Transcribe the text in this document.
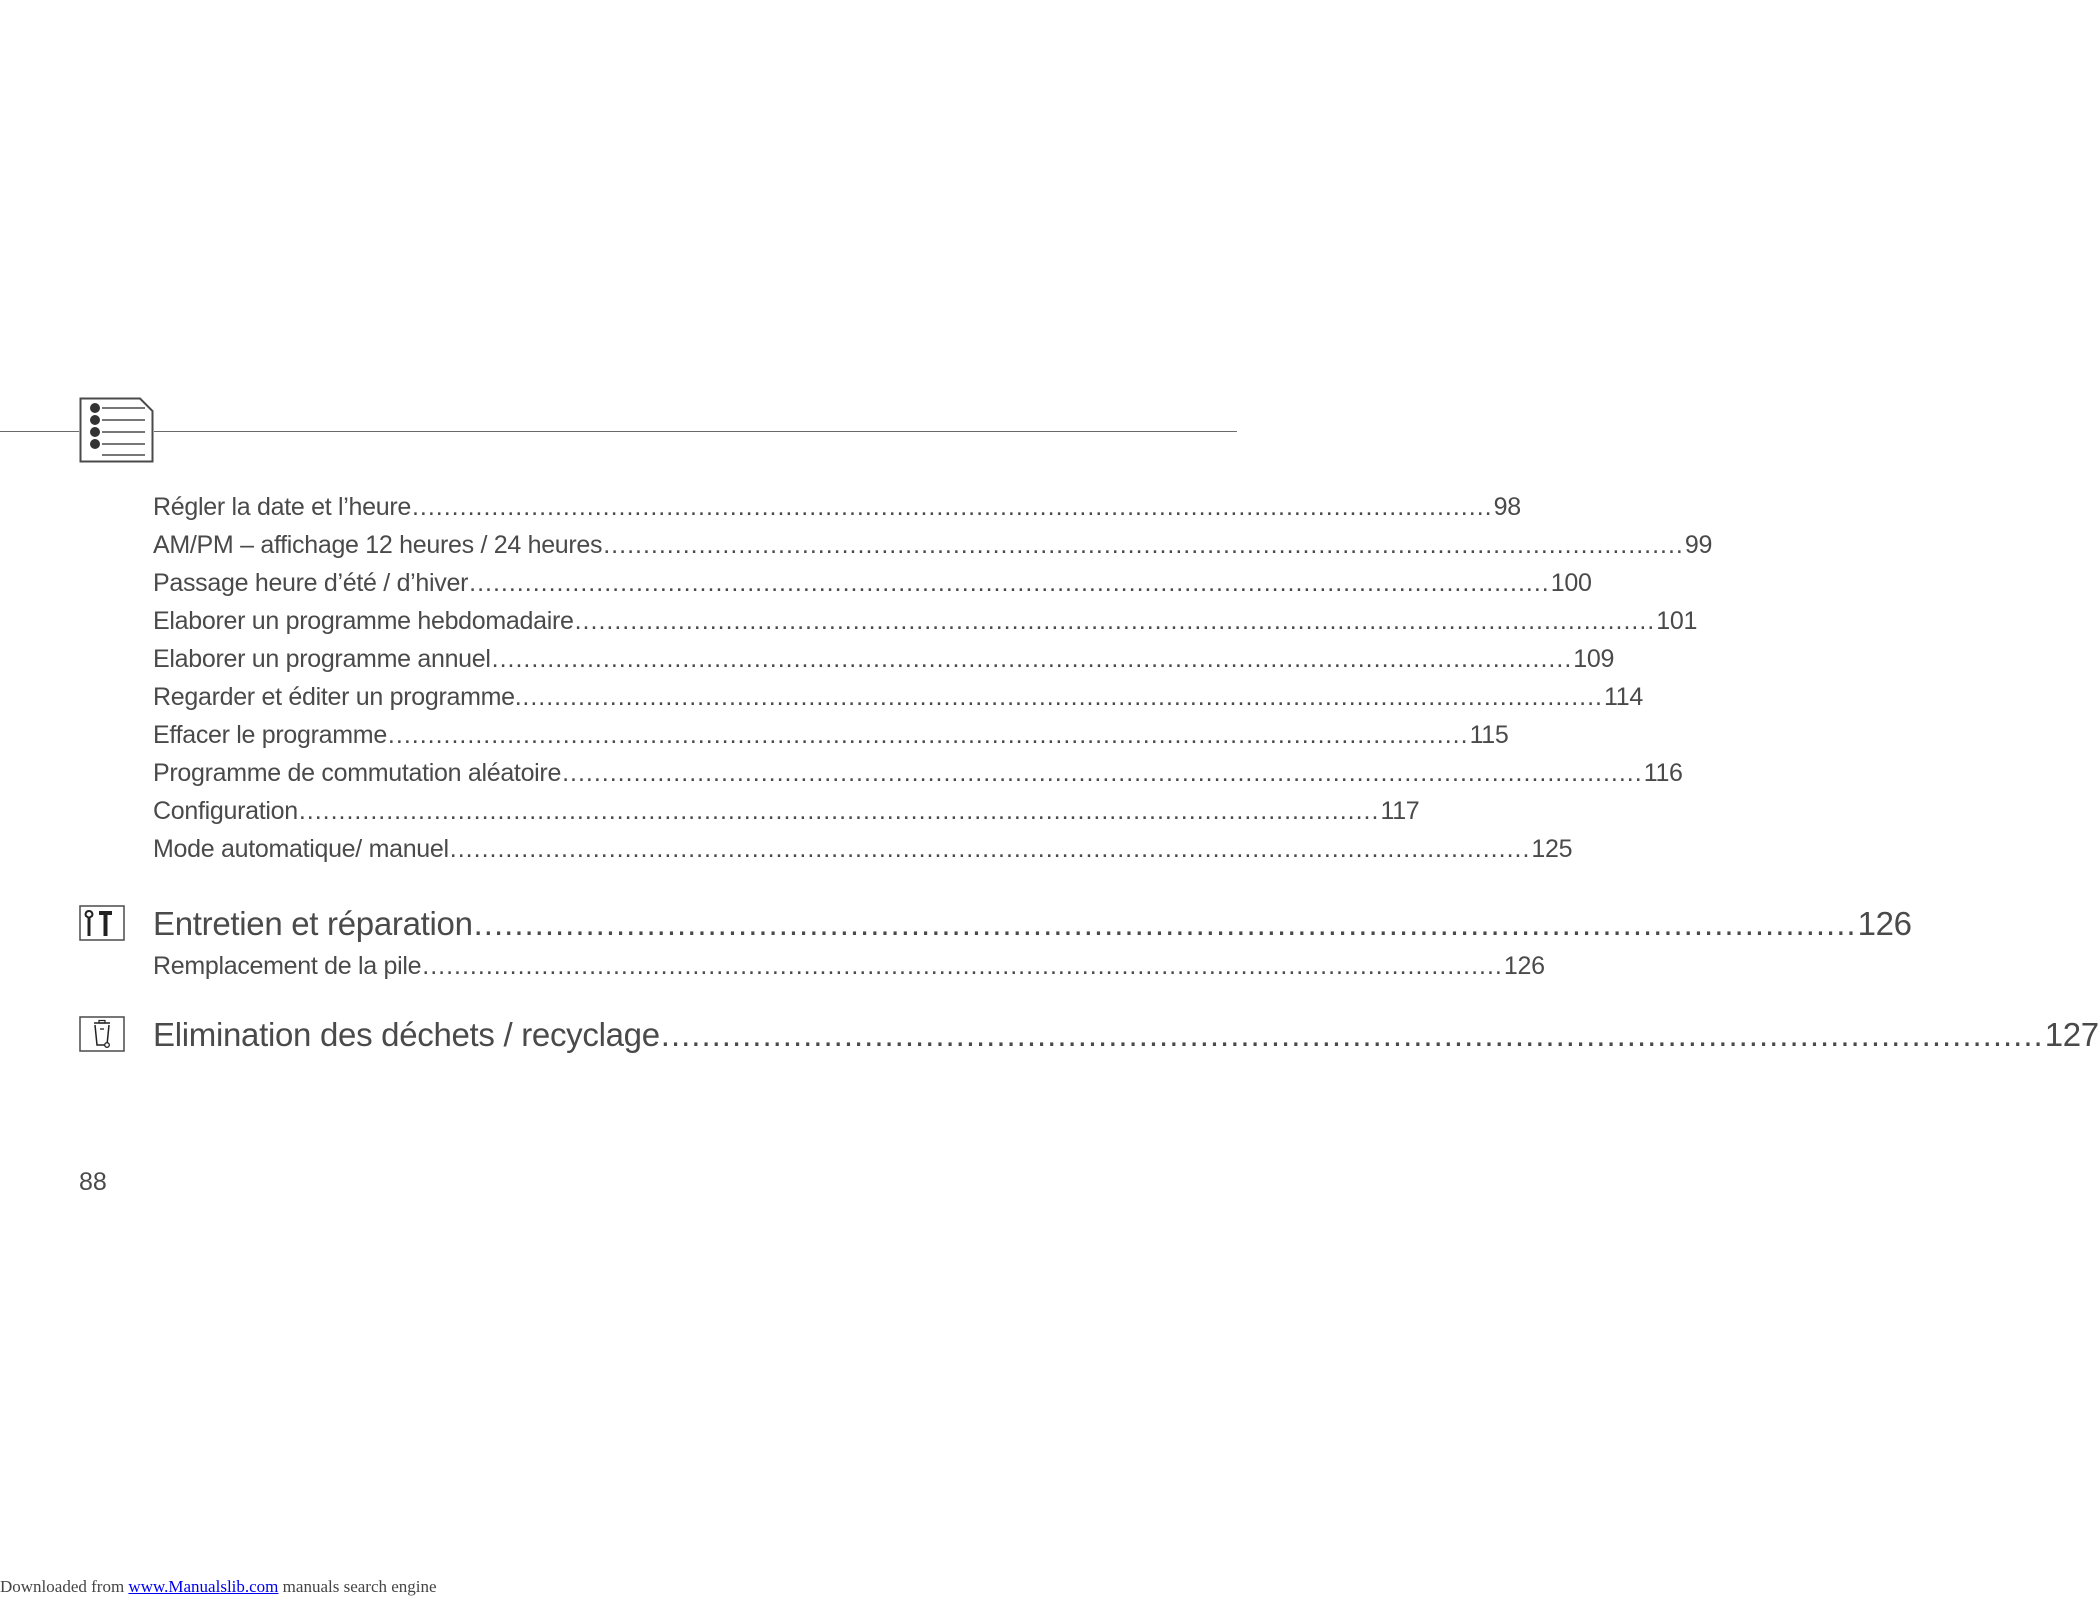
Régler la date et l’heure ........................................................................................................................................ 98
AM/PM – affichage 12 heures / 24 heures ........................................................................................................................................ 99
Passage heure d’été / d’hiver ........................................................................................................................................ 100
Elaborer un programme hebdomadaire ........................................................................................................................................ 101
Elaborer un programme annuel ........................................................................................................................................ 109
Regarder et éditer un programme. ........................................................................................................................................ 114
Effacer le programme ........................................................................................................................................ 115
Programme de commutation aléatoire ........................................................................................................................................ 116
Configuration ........................................................................................................................................ 117
Mode automatique/ manuel ........................................................................................................................................ 125
Entretien et réparation ........................................................................................................................................ 126
Remplacement de la pile ........................................................................................................................................ 126
Elimination des déchets / recyclage ........................................................................................................................................ 127
88
Downloaded from www.Manualslib.com manuals search engine
